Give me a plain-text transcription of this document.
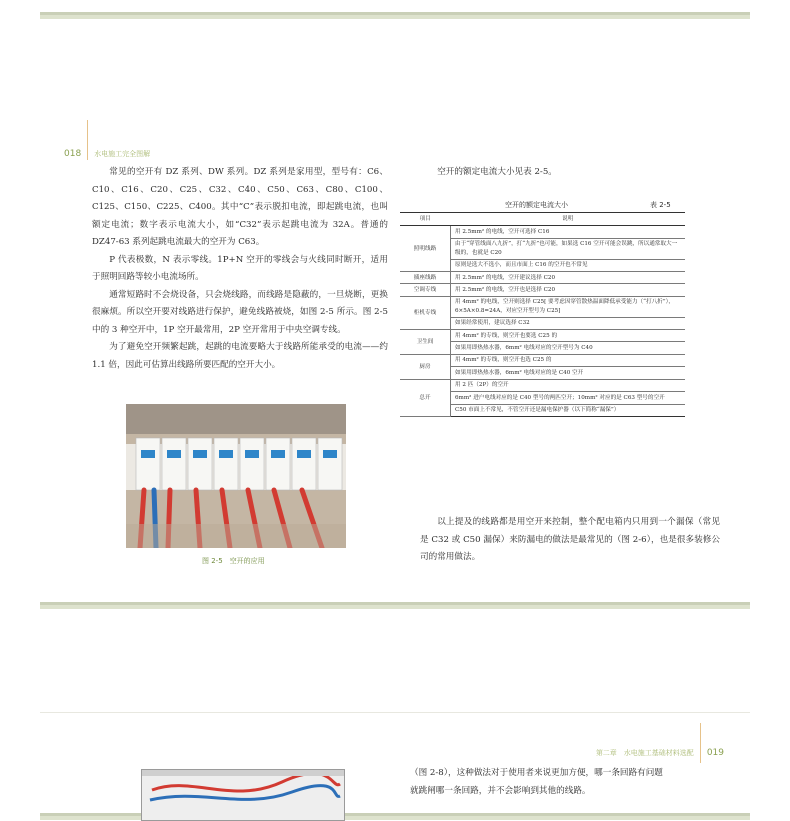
018 水电施工完全图解

常见的空开有 DZ 系列、DW 系列。DZ 系列是家用型，型号有：C6、C10、C16、C20、C25、C32、C40、C50、C63、C80、C100、C125、C150、C225、C400。其中“C”表示脱扣电流，即起跳电流，也叫额定电流；数字表示电流大小，如“C32”表示起跳电流为 32A。普通的 DZ47-63 系列起跳电流最大的空开为 C63。

P 代表极数，N 表示零线。1P+N 空开的零线会与火线同时断开，适用于照明回路等较小电流场所。

通常短路时不会烧设备，只会烧线路，而线路是隐蔽的，一旦烧断，更换很麻烦。所以空开要对线路进行保护，避免线路被烧，如图 2-5 所示。图 2-5 中的 3 种空开中，1P 空开最常用，2P 空开常用于中央空调专线。

为了避免空开频繁起跳，起跳的电流要略大于线路所能承受的电流——约 1.1 倍，因此可估算出线路所要匹配的空开大小。

图 2-5　空开的应用

空开的额定电流大小见表 2-5。

空开的额定电流大小	表 2-5
项目	说明
照明线路	用 2.5mm² 的电线，空开可选择 C16
	由于“穿管线面八九折”，打“九折”也可能，如果选 C16 空开可能会误跳，所以通常取大一级的，也就是 C20
	原则是选大不选小，而且市面上 C16 的空开也不常见
插座线路	用 2.5mm² 的电线，空开建议选择 C20
空调专线	用 2.5mm² 的电线，空开也是选择 C20
柜机专线	用 4mm² 的电线，空开则选择 C25[ 要考虑因穿管散热温面降低承受能力（“打八折”），6×5A×0.8=24A，对应空开型号为 C25]
	如果经常使用，建议选择 C32
卫生间	用 4mm² 的专线，则空开也要选 C25 的
	如果用即热热水器，6mm² 电线对应的空开型号为 C40
厨房	用 4mm² 的专线，则空开也选 C25 的
	如果用即热热水器，6mm² 电线对应的是 C40 空开
总开	用 2 匹（2P）的空开
	6mm² 进户电线对应的是 C40 型号的两匹空开；10mm² 对应的是 C63 型号的空开
	C50 市面上不常见，不管空开还是漏电保护器（以下简称“漏保”）

以上提及的线路都是用空开来控制，整个配电箱内只用到一个漏保（常见是 C32 或 C50 漏保）来防漏电的做法是最常见的（图 2-6），也是很多装修公司的常用做法。

第二章　水电施工基础材料选配 019

（图 2-8），这种做法对于使用者来说更加方便，哪一条回路有问题

就跳闸哪一条回路，并不会影响到其他的线路。
